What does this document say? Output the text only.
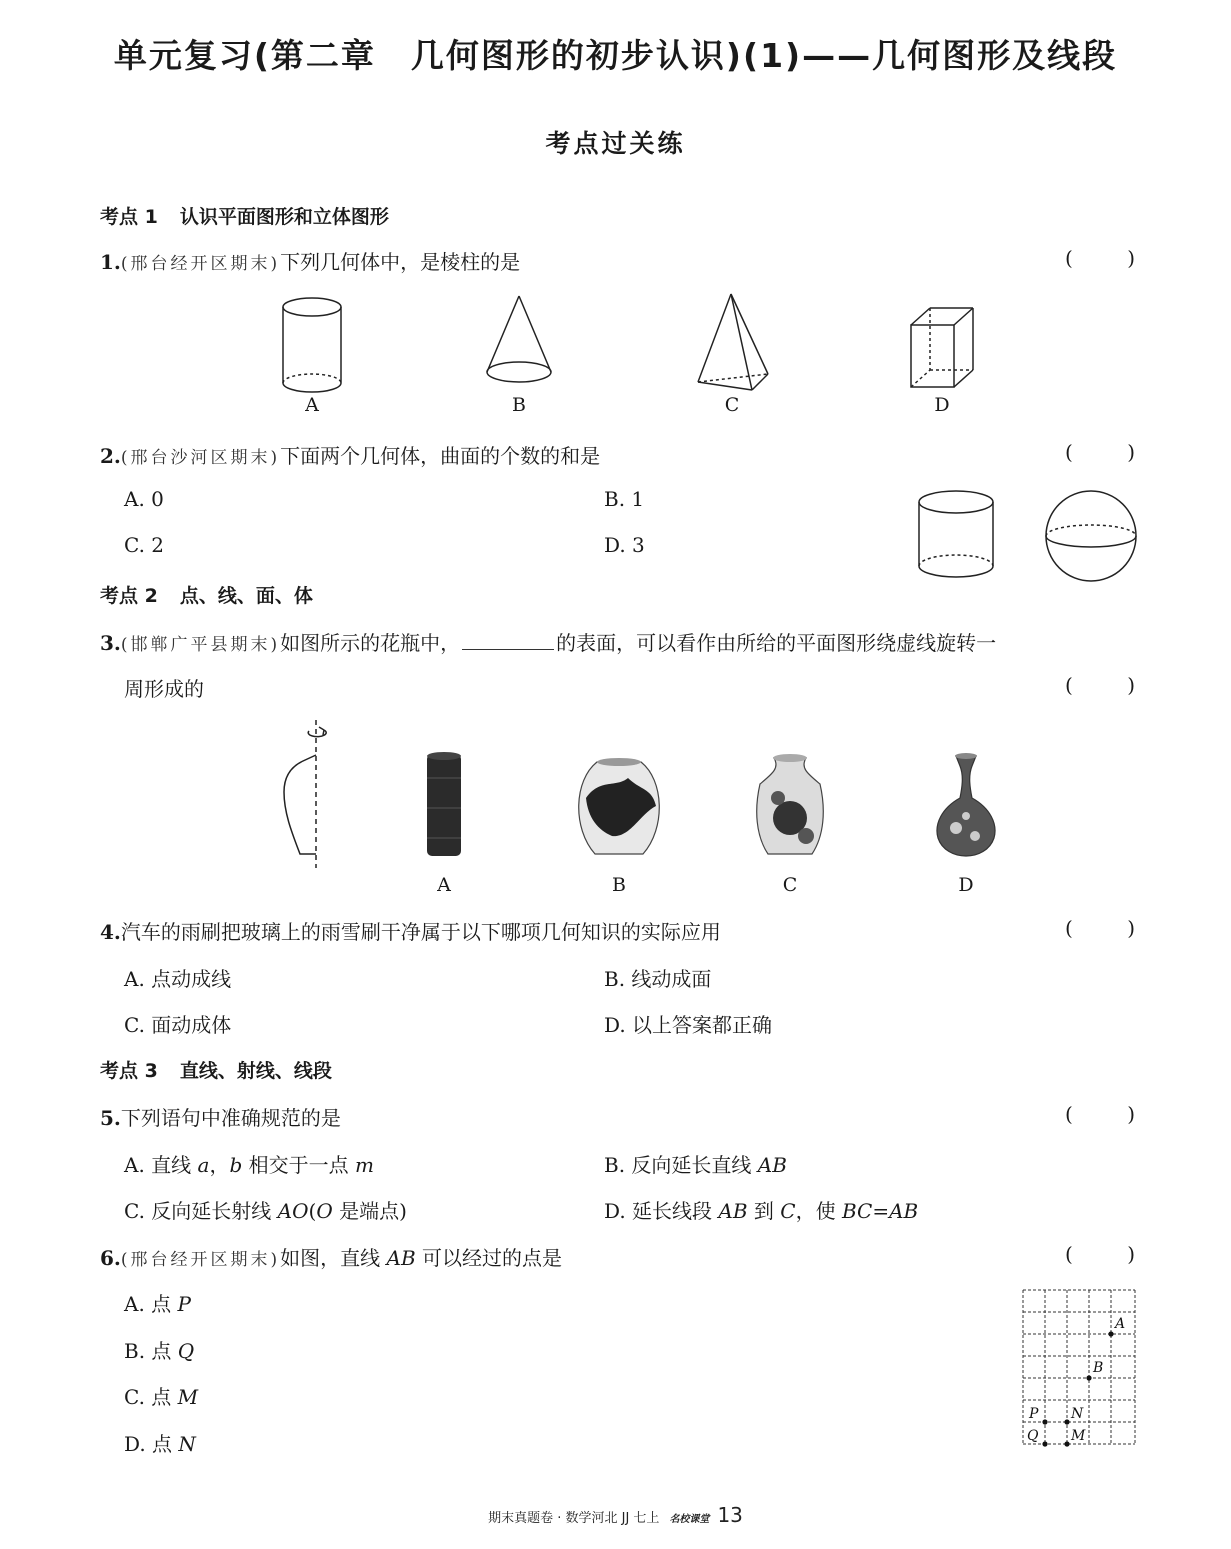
单元复习(第二章　几何图形的初步认识)(1)——几何图形及线段
考点过关练
考点 1 认识平面图形和立体图形
1.(邢台经开区期末)下列几何体中，是棱柱的是	(	)
A	B	C	D
2.(邢台沙河区期末)下面两个几何体，曲面的个数的和是	(	)
A. 0	B. 1
C. 2	D. 3
考点 2 点、线、面、体
3.(邯郸广平县期末)如图所示的花瓶中，	的表面，可以看作由所给的平面图形绕虚线旋转一
周形成的	(	)
A	B	C	D
4.汽车的雨刷把玻璃上的雨雪刷干净属于以下哪项几何知识的实际应用	(	)
A. 点动成线	B. 线动成面
C. 面动成体	D. 以上答案都正确
考点 3 直线、射线、线段
5.下列语句中准确规范的是	(	)
A. 直线 a，b 相交于一点 m	B. 反向延长直线 AB
C. 反向延长射线 AO(O 是端点)	D. 延长线段 AB 到 C，使 BC=AB
6.(邢台经开区期末)如图，直线 AB 可以经过的点是	(	)
A. 点 P
B. 点 Q
C. 点 M
D. 点 N
A
B
P N
Q M
期末真题卷 · 数学河北 JJ 七上 名校课堂 13
